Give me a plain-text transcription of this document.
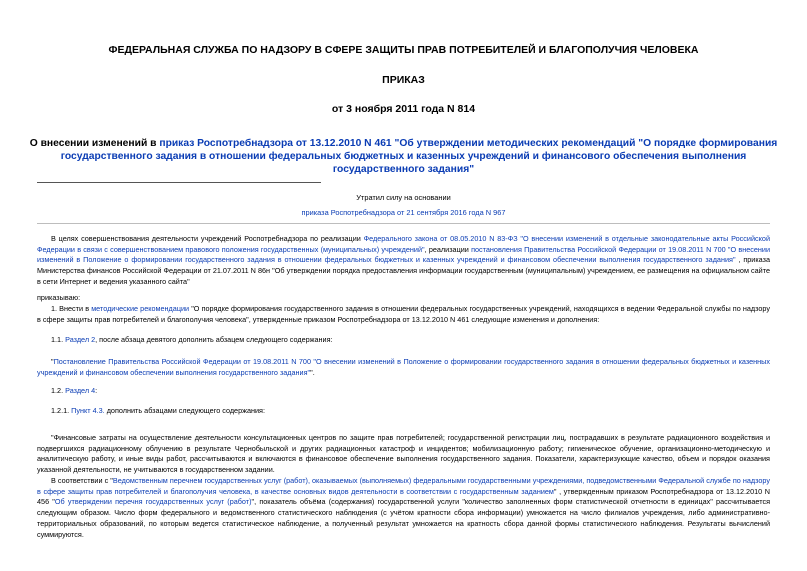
ФЕДЕРАЛЬНАЯ СЛУЖБА ПО НАДЗОРУ В СФЕРЕ ЗАЩИТЫ ПРАВ ПОТРЕБИТЕЛЕЙ И БЛАГОПОЛУЧИЯ ЧЕЛОВЕКА
ПРИКАЗ
от 3 ноября 2011 года N 814
О внесении изменений в приказ Роспотребнадзора от 13.12.2010 N 461 "Об утверждении методических рекомендаций "О порядке формирования государственного задания в отношении федеральных бюджетных и казенных учреждений и финансового обеспечения выполнения государственного задания"
Утратил силу на основании
приказа Роспотребнадзора от 21 сентября 2016 года N 967
В целях совершенствования деятельности учреждений Роспотребнадзора по реализации Федерального закона от 08.05.2010 N 83-ФЗ "О внесении изменений в отдельные законодательные акты Российской Федерации в связи с совершенствованием правового положения государственных (муниципальных) учреждений", реализации постановления Правительства Российской Федерации от 19.08.2011 N 700 "О внесении изменений в Положение о формировании государственного задания в отношении федеральных бюджетных и казенных учреждений и финансовом обеспечении выполнения государственного задания" , приказа Министерства финансов Российской Федерации от 21.07.2011 N 86н "Об утверждении порядка предоставления информации государственным (муниципальным) учреждением, ее размещения на официальном сайте в сети Интернет и ведения указанного сайта"
приказываю:
1. Внести в методические рекомендации "О порядке формирования государственного задания в отношении федеральных государственных учреждений, находящихся в ведении Федеральной службы по надзору в сфере защиты прав потребителей и благополучия человека", утвержденные приказом Роспотребнадзора от 13.12.2010 N 461 следующие изменения и дополнения:
1.1. Раздел 2, после абзаца девятого дополнить абзацем следующего содержания:
"Постановление Правительства Российской Федерации от 19.08.2011 N 700 "О внесении изменений в Положение о формировании государственного задания в отношении федеральных бюджетных и казенных учреждений и финансовом обеспечении выполнения государственного задания"".
1.2. Раздел 4:
1.2.1. Пункт 4.3. дополнить абзацами следующего содержания:
"Финансовые затраты на осуществление деятельности консультационных центров по защите прав потребителей; государственной регистрации лиц, пострадавших в результате радиационного воздействия и подвергшихся радиационному облучению в результате Чернобыльской и других радиационных катастроф и инцидентов; мобилизационную работу; гигиеническое обучение, организационно-методическую и аналитическую работу, и иные виды работ, рассчитываются и включаются в финансовое обеспечение выполнения государственного задания. Показатели, характеризующие качество, объем и порядок оказания указанной деятельности, не учитываются в государственном задании.
В соответствии с "Ведомственным перечнем государственных услуг (работ), оказываемых (выполняемых) федеральными государственными учреждениями, подведомственными Федеральной службе по надзору в сфере защиты прав потребителей и благополучия человека, в качестве основных видов деятельности в соответствии с государственным заданием" , утвержденным приказом Роспотребнадзора от 13.12.2010 N 456 "Об утверждении перечня государственных услуг (работ)", показатель объёма (содержания) государственной услуги "количество заполненных форм статистической отчетности в единицах" рассчитывается следующим образом. Число форм федерального и ведомственного статистического наблюдения (с учётом кратности сбора информации) умножается на число филиалов учреждения, либо административно-территориальных образований, по которым ведется статистическое наблюдение, а полученный результат умножается на кратность сбора данной формы статистического наблюдения. Результаты вычислений суммируются.
